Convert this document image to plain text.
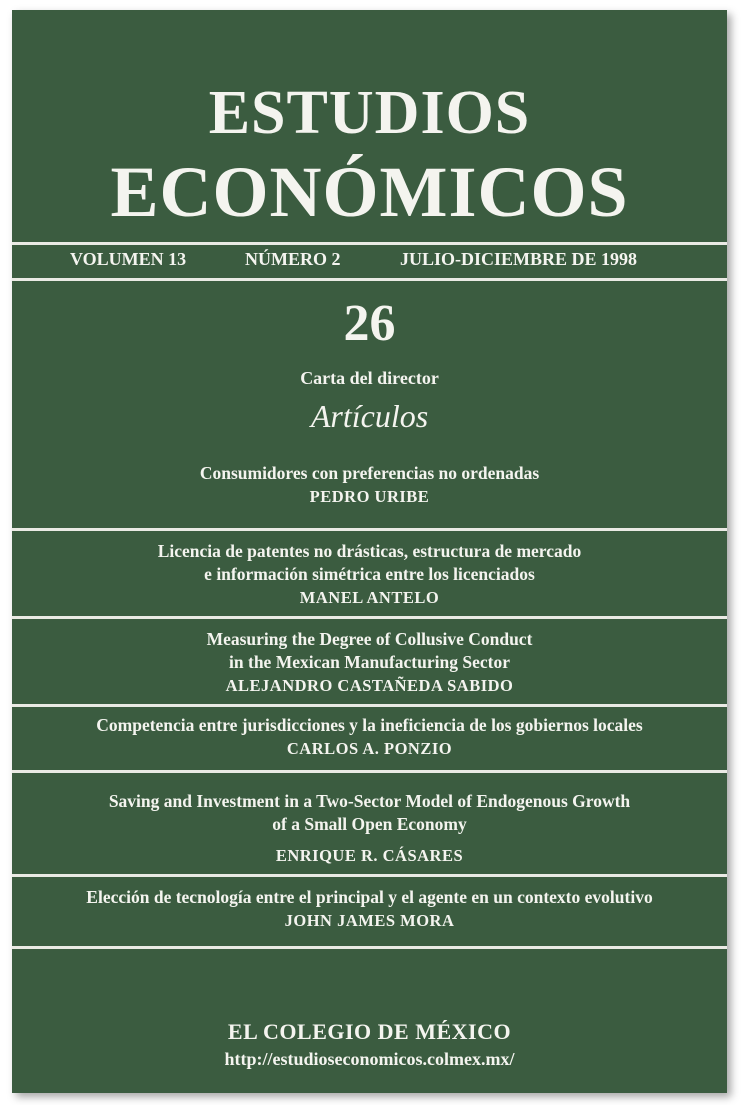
ESTUDIOS
ECONÓMICOS
VOLUMEN 13	NÚMERO 2	JULIO-DICIEMBRE DE 1998
26
Carta del director
Artículos
Consumidores con preferencias no ordenadas
PEDRO URIBE
Licencia de patentes no drásticas, estructura de mercado
e información simétrica entre los licenciados
MANEL ANTELO
Measuring the Degree of Collusive Conduct
in the Mexican Manufacturing Sector
ALEJANDRO CASTAÑEDA SABIDO
Competencia entre jurisdicciones y la ineficiencia de los gobiernos locales
CARLOS A. PONZIO
Saving and Investment in a Two-Sector Model of Endogenous Growth
of a Small Open Economy
ENRIQUE R. CÁSARES
Elección de tecnología entre el principal y el agente en un contexto evolutivo
JOHN JAMES MORA
EL COLEGIO DE MÉXICO
http://estudioseconomicos.colmex.mx/
